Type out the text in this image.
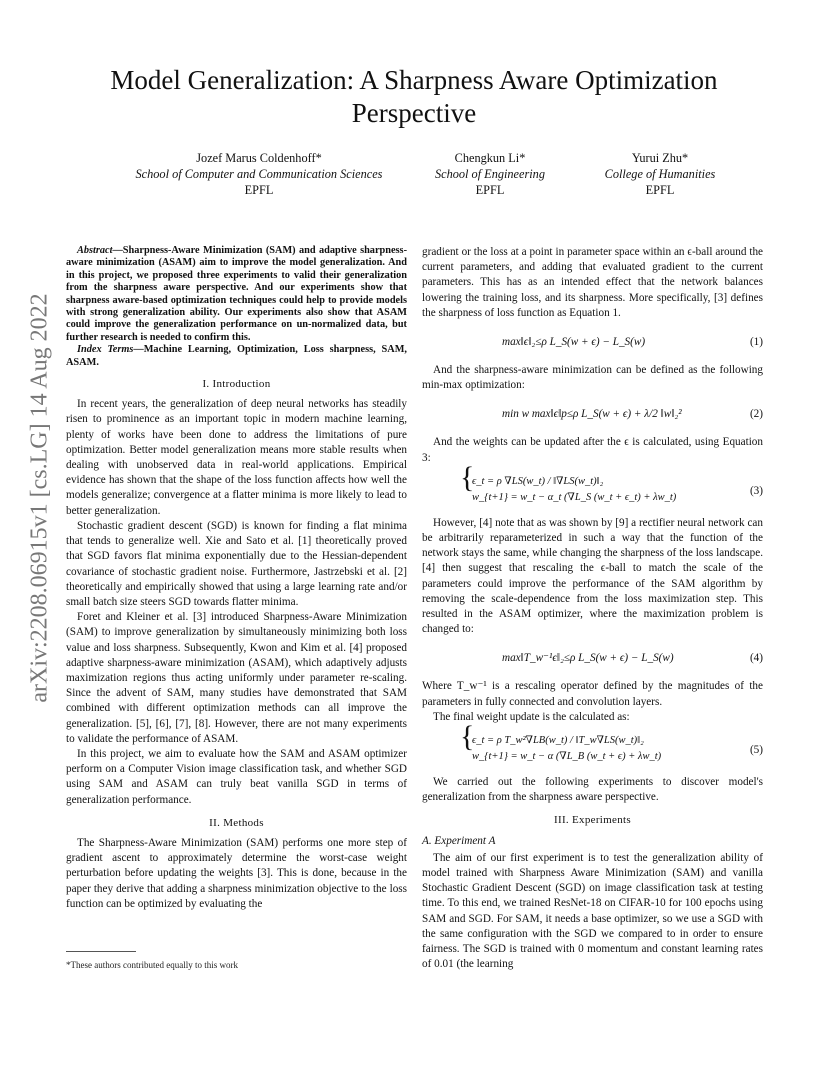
Model Generalization: A Sharpness Aware Optimization Perspective
Jozef Marus Coldenhoff*
School of Computer and Communication Sciences
EPFL
Chengkun Li*
School of Engineering
EPFL
Yurui Zhu*
College of Humanities
EPFL
arXiv:2208.06915v1 [cs.LG] 14 Aug 2022

Abstract—Sharpness-Aware Minimization (SAM) and adaptive sharpness-aware minimization (ASAM) aim to improve the model generalization. And in this project, we proposed three experiments to valid their generalization from the sharpness aware perspective. And our experiments show that sharpness aware-based optimization techniques could help to provide models with strong generalization ability. Our experiments also show that ASAM could improve the generalization performance on un-normalized data, but further research is needed to confirm this.

Index Terms—Machine Learning, Optimization, Loss sharpness, SAM, ASAM.

I. Introduction

In recent years, the generalization of deep neural networks has steadily risen to prominence as an important topic in modern machine learning, plenty of works have been done to address the limitations of pure optimization. Better model generalization means more stable results when dealing with unobserved data in real-world applications. Empirical evidence has shown that the shape of the loss function affects how well the models generalize; convergence at a flatter minima is more likely to lead to better generalization.

Stochastic gradient descent (SGD) is known for finding a flat minima that tends to generalize well. Xie and Sato et al. [1] theoretically proved that SGD favors flat minima exponentially due to the Hessian-dependent covariance of stochastic gradient noise. Furthermore, Jastrzebski et al. [2] theoretically and empirically showed that using a large learning rate and/or small batch size steers SGD towards flatter minima.

Foret and Kleiner et al. [3] introduced Sharpness-Aware Minimization (SAM) to improve generalization by simultaneously minimizing both loss value and loss sharpness. Subsequently, Kwon and Kim et al. [4] proposed adaptive sharpness-aware minimization (ASAM), which adaptively adjusts maximization regions thus acting uniformly under parameter re-scaling. Since the advent of SAM, many studies have demonstrated that SAM combined with different optimization methods can all improve the generalization. [5], [6], [7], [8]. However, there are not many experiments to validate the performance of ASAM.

In this project, we aim to evaluate how the SAM and ASAM optimizer perform on a Computer Vision image classification task, and whether SGD using SAM and ASAM can truly beat vanilla SGD in terms of generalization performance.

II. Methods

The Sharpness-Aware Minimization (SAM) performs one more step of gradient ascent to approximately determine the worst-case weight perturbation before updating the weights [3]. This is done, because in the paper they derive that adding a sharpness minimization objective to the loss function can be optimized by evaluating the

*These authors contributed equally to this work

gradient or the loss at a point in parameter space within an ϵ-ball around the current parameters, and adding that evaluated gradient to the current parameters. This has as an intended effect that the network balances lowering the training loss, and its sharpness. More specifically, [3] defines the sharpness of loss function as Equation 1.

max‖ϵ‖₂≤ρ L_S(w + ϵ) − L_S(w)	(1)

And the sharpness-aware minimization can be defined as the following min-max optimization:

min w max‖ϵ‖p≤ρ L_S(w + ϵ) + λ/2 ‖w‖₂²	(2)

And the weights can be updated after the ϵ is calculated, using Equation 3:

{
ϵ_t = ρ ∇LS(w_t) / ‖∇LS(w_t)‖₂
w_{t+1} = w_t − α_t (∇L_S (w_t + ϵ_t) + λw_t)
(3)

However, [4] note that as was shown by [9] a rectifier neural network can be arbitrarily reparameterized in such a way that the function of the network stays the same, while changing the sharpness of the loss landscape. [4] then suggest that rescaling the ϵ-ball to match the scale of the parameters could improve the performance of the SAM algorithm by removing the scale-dependence from the loss maximization step. This resulted in the ASAM optimizer, where the maximization problem is changed to:

max‖T_w⁻¹ϵ‖₂≤ρ L_S(w + ϵ) − L_S(w)	(4)

Where T_w⁻¹ is a rescaling operator defined by the magnitudes of the parameters in fully connected and convolution layers.

The final weight update is the calculated as:

{
ϵ_t = ρ T_w²∇LB(w_t) / ‖T_w∇LS(w_t)‖₂
w_{t+1} = w_t − α (∇L_B (w_t + ϵ) + λw_t)
(5)

We carried out the following experiments to discover model's generalization from the sharpness aware perspective.

III. Experiments
A. Experiment A

The aim of our first experiment is to test the generalization ability of model trained with Sharpness Aware Minimization (SAM) and vanilla Stochastic Gradient Descent (SGD) on image classification task at testing time. To this end, we trained ResNet-18 on CIFAR-10 for 100 epochs using SAM and SGD. For SAM, it needs a base optimizer, so we use a SGD with the same configuration with the SGD we compared to in order to ensure fairness. The SGD is trained with 0 momentum and constant learning rates of 0.01 (the learning
